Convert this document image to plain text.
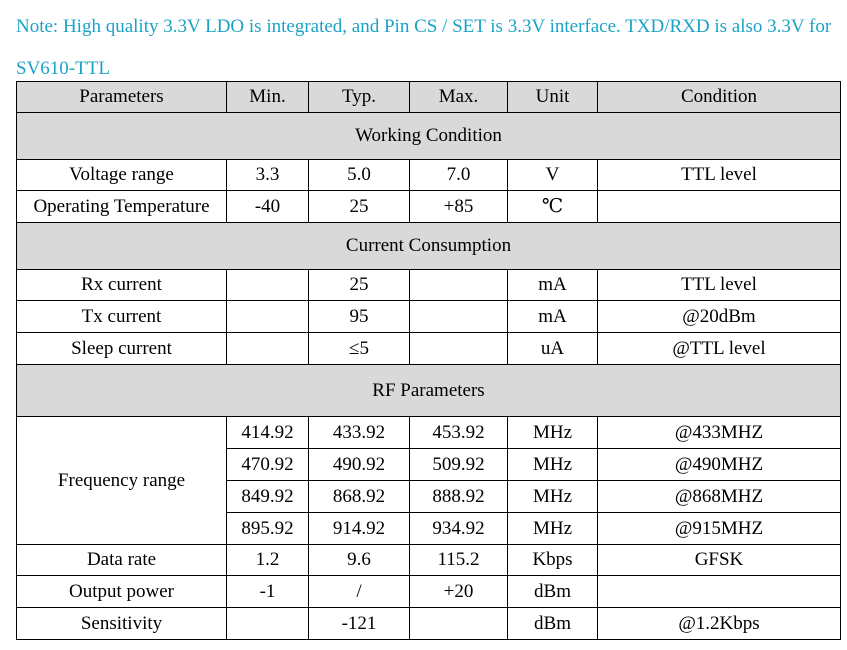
Note: High quality 3.3V LDO is integrated, and Pin CS / SET is 3.3V interface. TXD/RXD is also 3.3V for SV610-TTL

Parameters	Min.	Typ.	Max.	Unit	Condition
Working Condition					
Voltage range	3.3	5.0	7.0	V	TTL level
Operating Temperature	-40	25	+85	℃	
Current Consumption					
Rx current		25		mA	TTL level
Tx current		95		mA	@20dBm
Sleep current		≤5		uA	@TTL level
RF Parameters					
Frequency range	414.92	433.92	453.92	MHz	@433MHZ
	470.92	490.92	509.92	MHz	@490MHZ
	849.92	868.92	888.92	MHz	@868MHZ
	895.92	914.92	934.92	MHz	@915MHZ
Data rate	1.2	9.6	115.2	Kbps	GFSK
Output power	-1	/	+20	dBm	
Sensitivity		-121		dBm	@1.2Kbps
